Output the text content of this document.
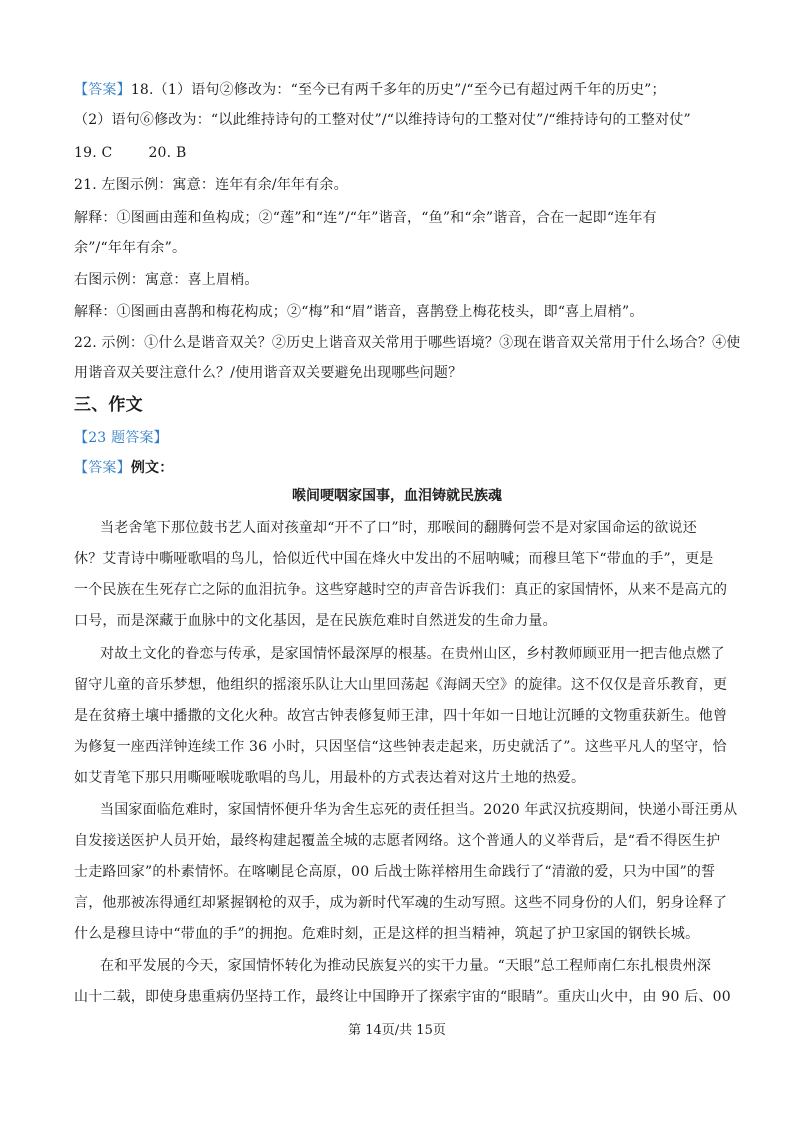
【答案】18.（1）语句②修改为：“至今已有两千多年的历史”/“至今已有超过两千年的历史”；
（2）语句⑥修改为：“以此维持诗句的工整对仗”/“以维持诗句的工整对仗”/“维持诗句的工整对仗”
19. C	20. B
21. 左图示例：寓意：连年有余/年年有余。
解释：①图画由莲和鱼构成；②“莲”和“连”/“年”谐音，“鱼”和“余”谐音，合在一起即“连年有
余”/“年年有余”。
右图示例：寓意：喜上眉梢。
解释：①图画由喜鹊和梅花构成；②“梅”和“眉”谐音，喜鹊登上梅花枝头，即“喜上眉梢”。
22. 示例：①什么是谐音双关？②历史上谐音双关常用于哪些语境？③现在谐音双关常用于什么场合？④使
用谐音双关要注意什么？/使用谐音双关要避免出现哪些问题？
三、作文
【23 题答案】
【答案】例文：
喉间哽咽家国事，血泪铸就民族魂
当老舍笔下那位鼓书艺人面对孩童却“开不了口”时，那喉间的翻腾何尝不是对家国命运的欲说还
休？艾青诗中嘶哑歌唱的鸟儿，恰似近代中国在烽火中发出的不屈呐喊；而穆旦笔下“带血的手”，更是
一个民族在生死存亡之际的血泪抗争。这些穿越时空的声音告诉我们：真正的家国情怀，从来不是高亢的
口号，而是深藏于血脉中的文化基因，是在民族危难时自然迸发的生命力量。
对故土文化的眷恋与传承，是家国情怀最深厚的根基。在贵州山区，乡村教师顾亚用一把吉他点燃了
留守儿童的音乐梦想，他组织的摇滚乐队让大山里回荡起《海阔天空》的旋律。这不仅仅是音乐教育，更
是在贫瘠土壤中播撒的文化火种。故宫古钟表修复师王津，四十年如一日地让沉睡的文物重获新生。他曾
为修复一座西洋钟连续工作 36 小时，只因坚信“这些钟表走起来，历史就活了”。这些平凡人的坚守，恰
如艾青笔下那只用嘶哑喉咙歌唱的鸟儿，用最朴的方式表达着对这片土地的热爱。
当国家面临危难时，家国情怀便升华为舍生忘死的责任担当。2020 年武汉抗疫期间，快递小哥汪勇从
自发接送医护人员开始，最终构建起覆盖全城的志愿者网络。这个普通人的义举背后，是“看不得医生护
士走路回家”的朴素情怀。在喀喇昆仑高原，00 后战士陈祥榕用生命践行了“清澈的爱，只为中国”的誓
言，他那被冻得通红却紧握钢枪的双手，成为新时代军魂的生动写照。这些不同身份的人们，躬身诠释了
什么是穆旦诗中“带血的手”的拥抱。危难时刻，正是这样的担当精神，筑起了护卫家国的钢铁长城。
在和平发展的今天，家国情怀转化为推动民族复兴的实干力量。“天眼”总工程师南仁东扎根贵州深
山十二载，即使身患重病仍坚持工作，最终让中国睁开了探索宇宙的“眼睛”。重庆山火中，由 90 后、00
第 14页/共 15页
